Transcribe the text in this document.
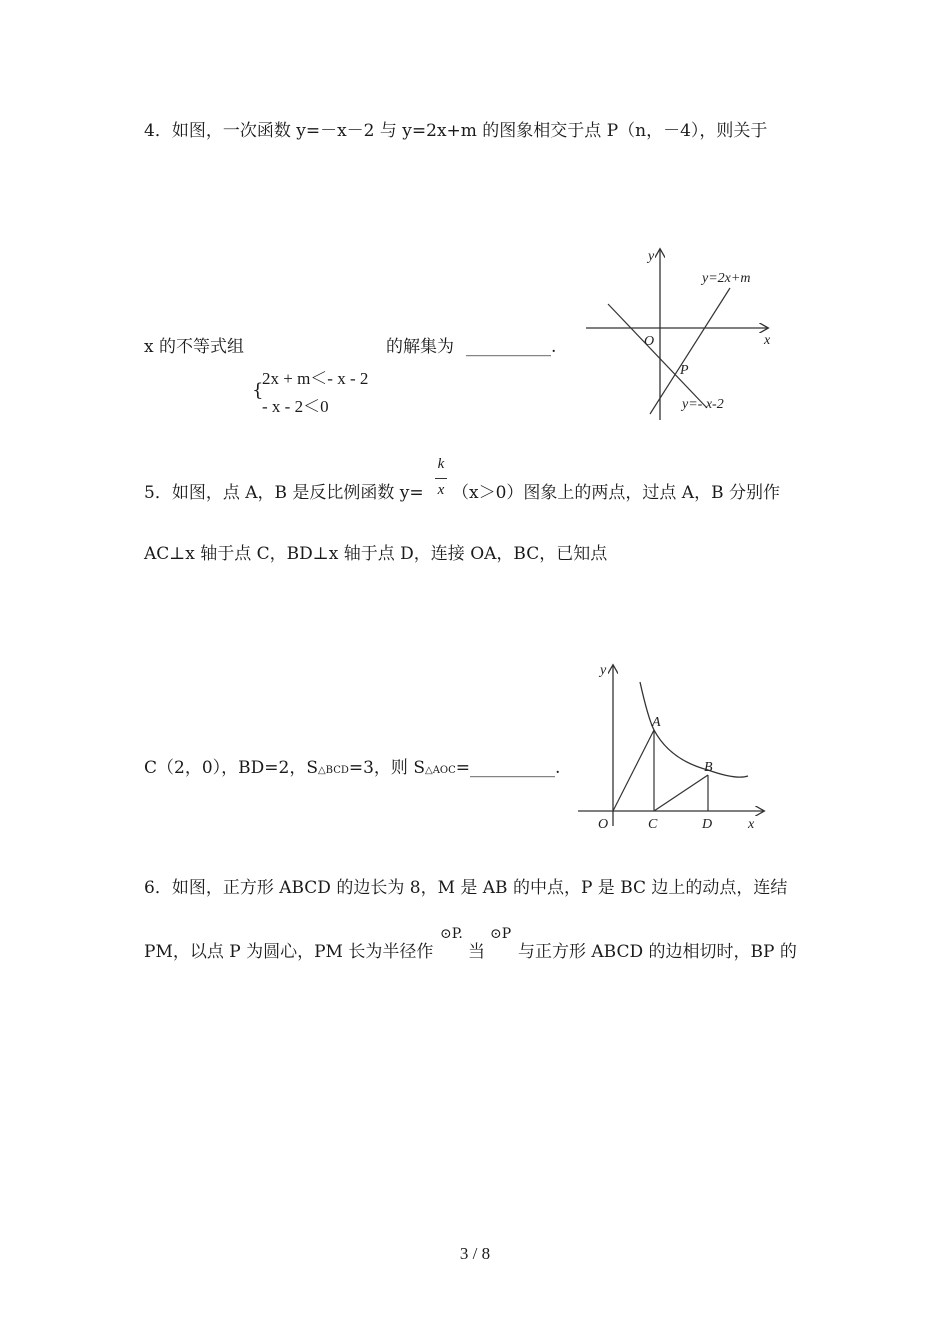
4．如图，一次函数 y=－x－2 与 y=2x+m 的图象相交于点 P（n，－4），则关于
x 的不等式组	的解集为 __________.
{
2x + m＜- x - 2
- x - 2＜0
y
x
O
P
y=2x+m
y=- x-2
5．如图，点 A，B 是反比例函数 y=
k
x （x＞0）图象上的两点，过点 A，B 分别作
AC⊥x 轴于点 C，BD⊥x 轴于点 D，连接 OA，BC，已知点
C（2，0），BD=2，S△BCD=3，则 S△AOC=__________.
y
x
O
A
B
C	D
6．如图，正方形 ABCD 的边长为 8，M 是 AB 的中点，P 是 BC 边上的动点，连结
PM，以点 P 为圆心，PM 长为半径作
⊙P.
当
⊙P
与正方形 ABCD 的边相切时，BP 的
3 / 8
